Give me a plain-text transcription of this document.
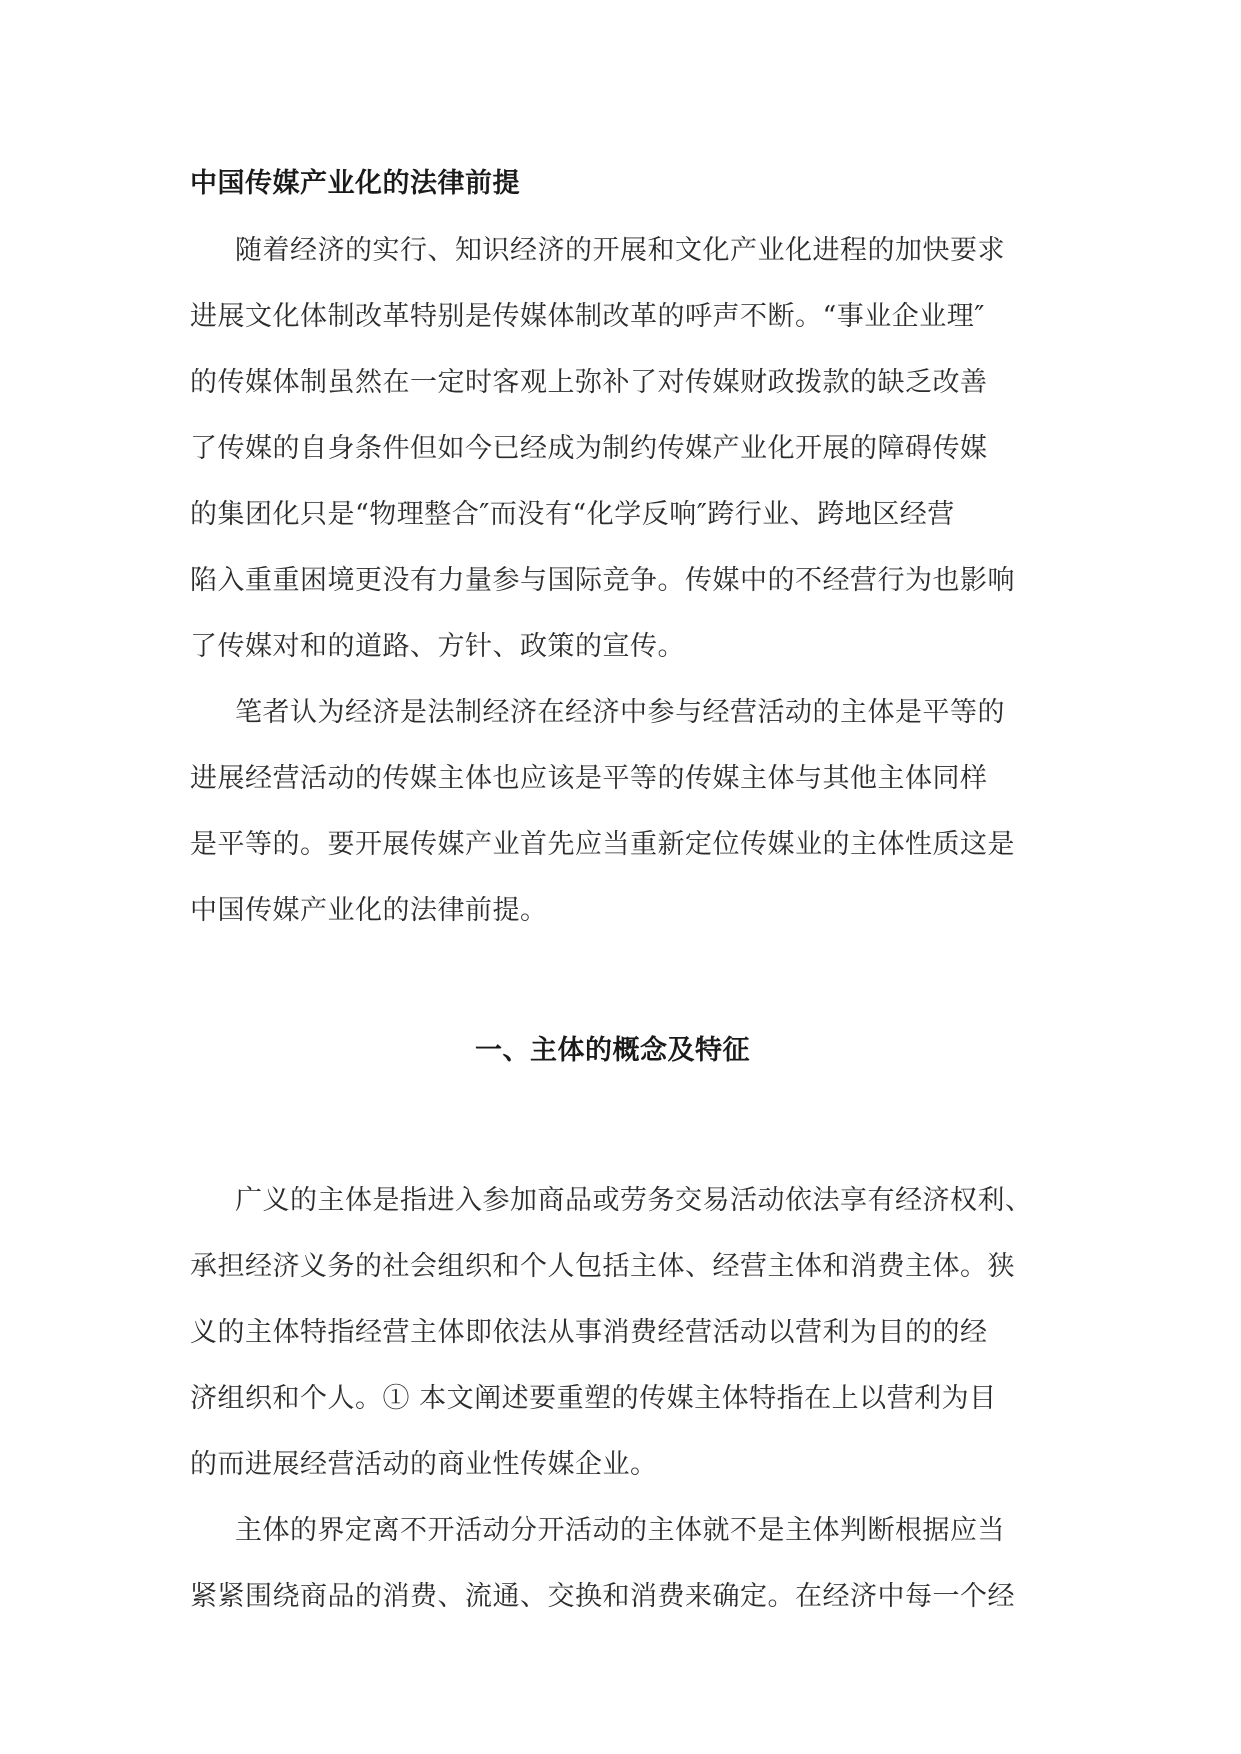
中国传媒产业化的法律前提
随着经济的实行、知识经济的开展和文化产业化进程的加快要求
进展文化体制改革特别是传媒体制改革的呼声不断。“事业企业理″
的传媒体制虽然在一定时客观上弥补了对传媒财政拨款的缺乏改善
了传媒的自身条件但如今已经成为制约传媒产业化开展的障碍传媒
的集团化只是“物理整合″而没有“化学反响″跨行业、跨地区经营
陷入重重困境更没有力量参与国际竞争。传媒中的不经营行为也影响
了传媒对和的道路、方针、政策的宣传。
笔者认为经济是法制经济在经济中参与经营活动的主体是平等的
进展经营活动的传媒主体也应该是平等的传媒主体与其他主体同样
是平等的。要开展传媒产业首先应当重新定位传媒业的主体性质这是
中国传媒产业化的法律前提。
一、主体的概念及特征
广义的主体是指进入参加商品或劳务交易活动依法享有经济权利、
承担经济义务的社会组织和个人包括主体、经营主体和消费主体。狭
义的主体特指经营主体即依法从事消费经营活动以营利为目的的经
济组织和个人。① 本文阐述要重塑的传媒主体特指在上以营利为目
的而进展经营活动的商业性传媒企业。
主体的界定离不开活动分开活动的主体就不是主体判断根据应当
紧紧围绕商品的消费、流通、交换和消费来确定。在经济中每一个经
